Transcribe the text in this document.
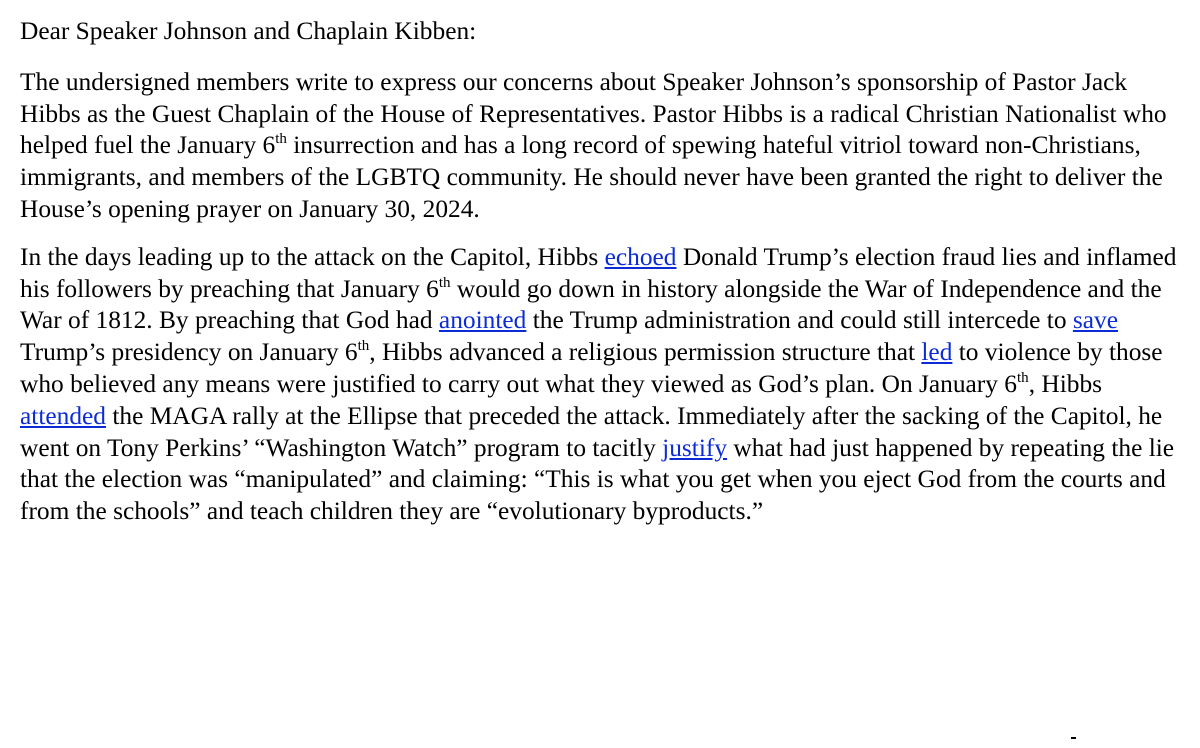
Dear Speaker Johnson and Chaplain Kibben:

The undersigned members write to express our concerns about Speaker Johnson’s sponsorship of Pastor Jack Hibbs as the Guest Chaplain of the House of Representatives. Pastor Hibbs is a radical Christian Nationalist who helped fuel the January 6th insurrection and has a long record of spewing hateful vitriol toward non-Christians, immigrants, and members of the LGBTQ community. He should never have been granted the right to deliver the House’s opening prayer on January 30, 2024.

In the days leading up to the attack on the Capitol, Hibbs echoed Donald Trump’s election fraud lies and inflamed his followers by preaching that January 6th would go down in history alongside the War of Independence and the War of 1812. By preaching that God had anointed the Trump administration and could still intercede to save Trump’s presidency on January 6th, Hibbs advanced a religious permission structure that led to violence by those who believed any means were justified to carry out what they viewed as God’s plan. On January 6th, Hibbs attended the MAGA rally at the Ellipse that preceded the attack. Immediately after the sacking of the Capitol, he went on Tony Perkins’ “Washington Watch” program to tacitly justify what had just happened by repeating the lie that the election was “manipulated” and claiming: “This is what you get when you eject God from the courts and from the schools” and teach children they are “evolutionary byproducts.”
